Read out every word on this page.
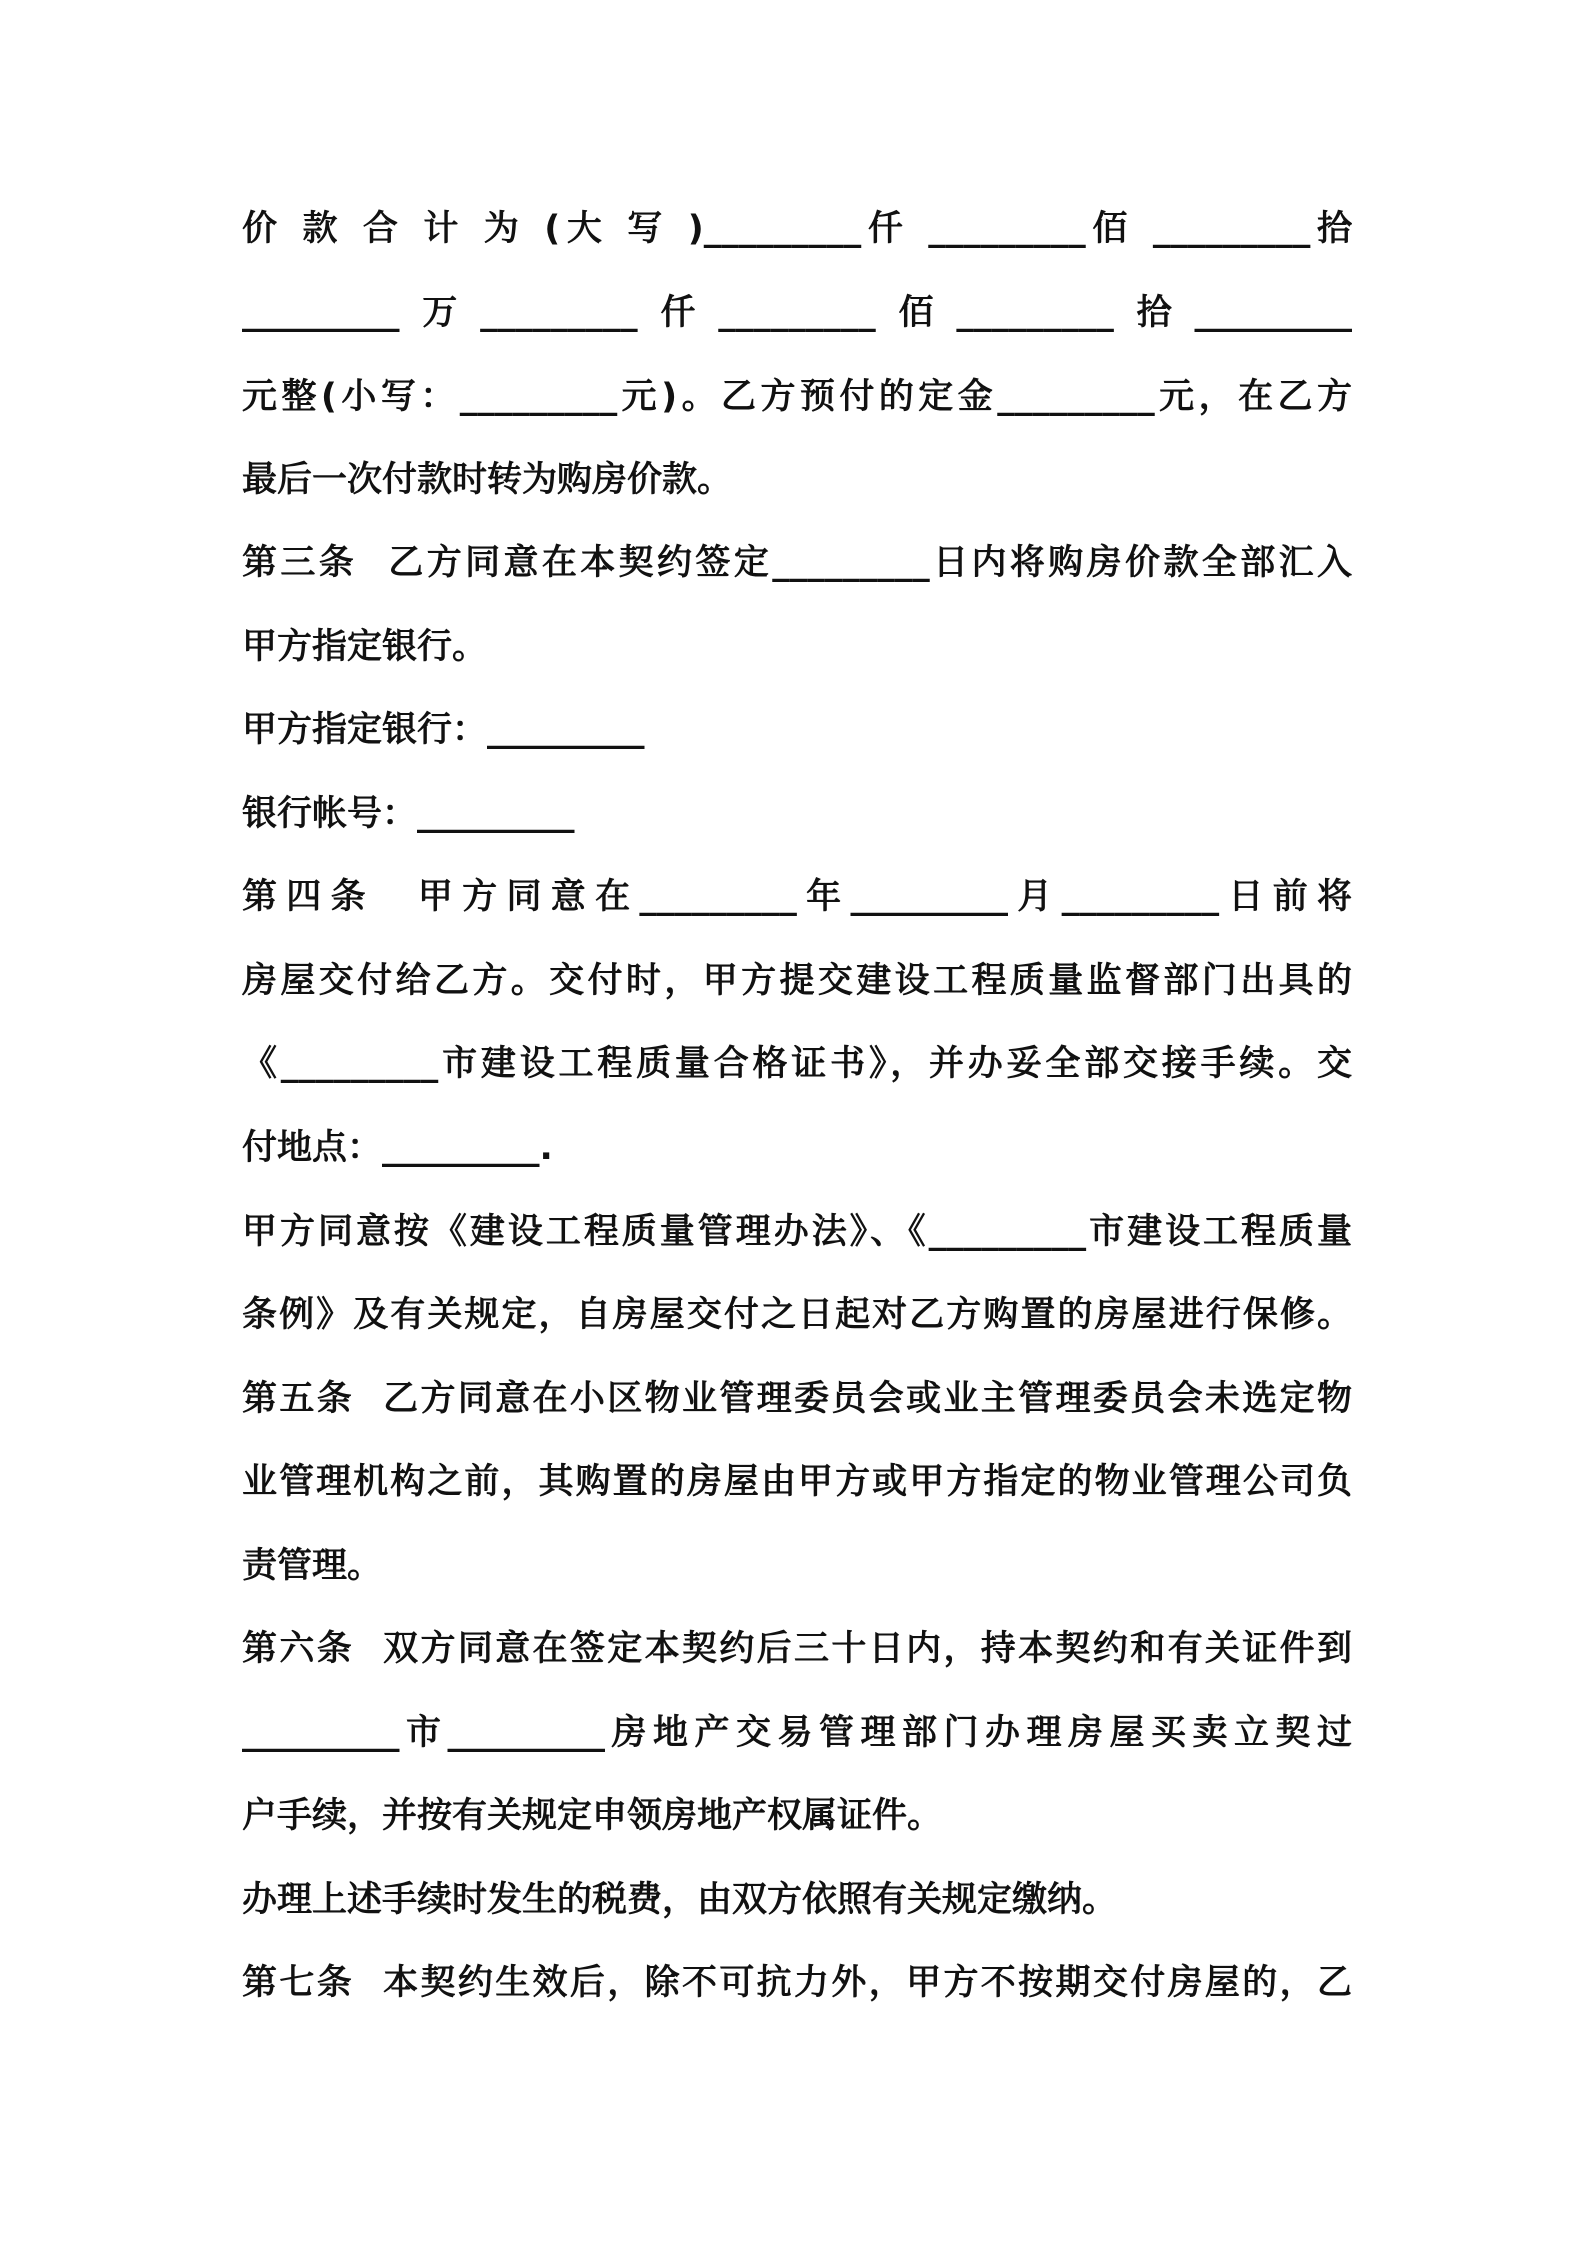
价 款 合 计 为 (大 写 )_________仟 _________佰 _________拾
_________万_________仟_________佰_________拾_________
元整(小写：_________元)。乙方预付的定金_________元，在乙方
最后一次付款时转为购房价款。
第三条  乙方同意在本契约签定_________日内将购房价款全部汇入
甲方指定银行。
甲方指定银行：_________
银行帐号：_________
第四条  甲方同意在_________年_________月_________日前将
房屋交付给乙方。交付时，甲方提交建设工程质量监督部门出具的
《_________市建设工程质量合格证书》，并办妥全部交接手续。交
付地点：_________.
甲方同意按《建设工程质量管理办法》、《_________市建设工程质量
条例》及有关规定，自房屋交付之日起对乙方购置的房屋进行保修。
第五条  乙方同意在小区物业管理委员会或业主管理委员会未选定物
业管理机构之前，其购置的房屋由甲方或甲方指定的物业管理公司负
责管理。
第六条  双方同意在签定本契约后三十日内，持本契约和有关证件到
_________市_________房地产交易管理部门办理房屋买卖立契过
户手续，并按有关规定申领房地产权属证件。
办理上述手续时发生的税费，由双方依照有关规定缴纳。
第七条  本契约生效后，除不可抗力外，甲方不按期交付房屋的，乙
